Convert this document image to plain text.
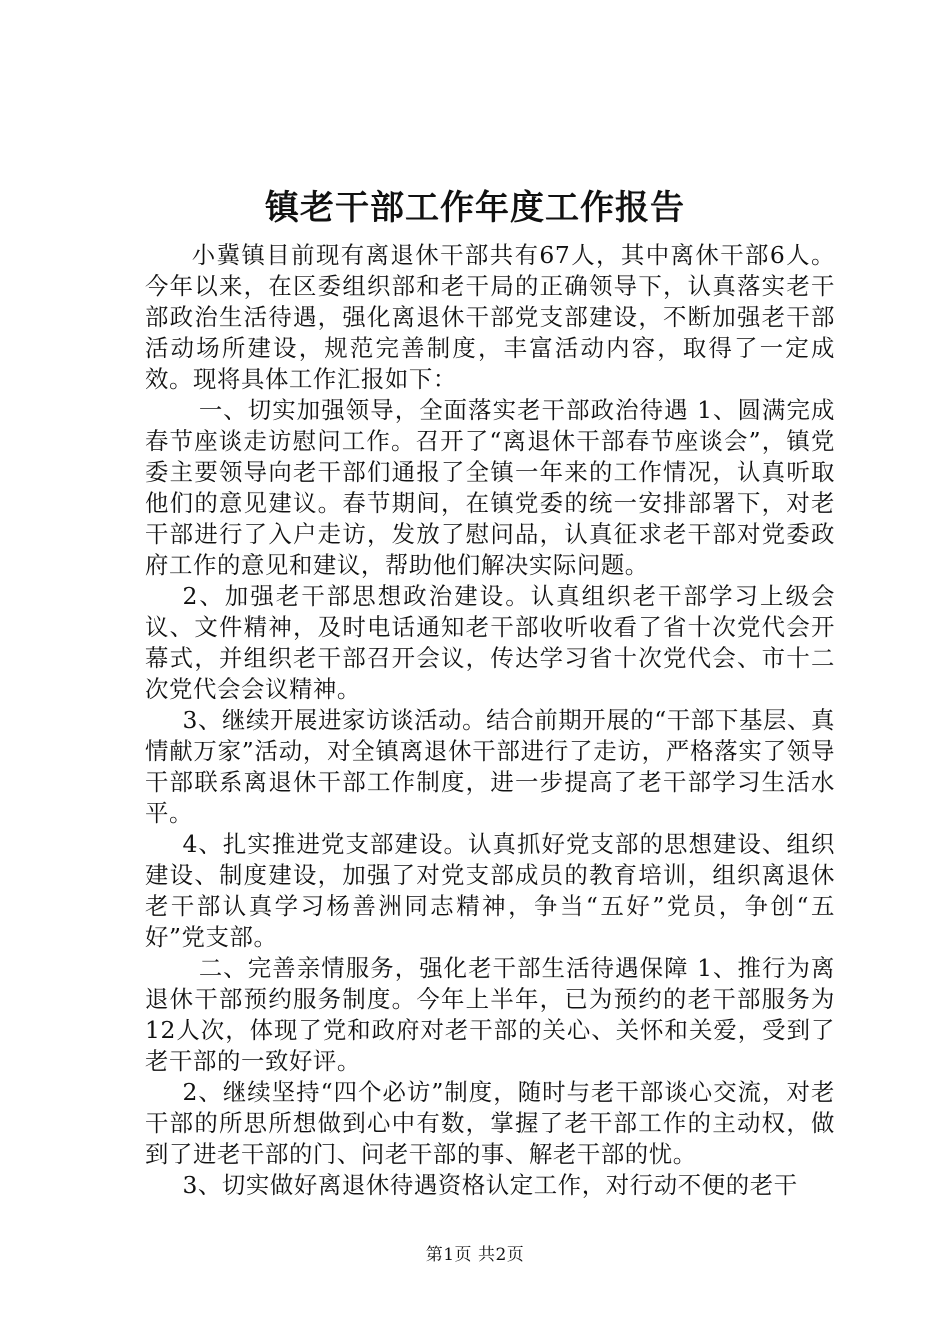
镇老干部工作年度工作报告

小冀镇目前现有离退休干部共有67人，其中离休干部6人。今年以来，在区委组织部和老干局的正确领导下，认真落实老干部政治生活待遇，强化离退休干部党支部建设，不断加强老干部活动场所建设，规范完善制度，丰富活动内容，取得了一定成效。现将具体工作汇报如下：

一、切实加强领导，全面落实老干部政治待遇 1、圆满完成春节座谈走访慰问工作。召开了“离退休干部春节座谈会”，镇党委主要领导向老干部们通报了全镇一年来的工作情况，认真听取他们的意见建议。春节期间，在镇党委的统一安排部署下，对老干部进行了入户走访，发放了慰问品，认真征求老干部对党委政府工作的意见和建议，帮助他们解决实际问题。

2、加强老干部思想政治建设。认真组织老干部学习上级会议、文件精神，及时电话通知老干部收听收看了省十次党代会开幕式，并组织老干部召开会议，传达学习省十次党代会、市十二次党代会会议精神。

3、继续开展进家访谈活动。结合前期开展的“干部下基层、真情献万家”活动，对全镇离退休干部进行了走访，严格落实了领导干部联系离退休干部工作制度，进一步提高了老干部学习生活水平。

4、扎实推进党支部建设。认真抓好党支部的思想建设、组织建设、制度建设，加强了对党支部成员的教育培训，组织离退休老干部认真学习杨善洲同志精神，争当“五好”党员，争创“五好”党支部。

二、完善亲情服务，强化老干部生活待遇保障 1、推行为离退休干部预约服务制度。今年上半年，已为预约的老干部服务为12人次，体现了党和政府对老干部的关心、关怀和关爱，受到了老干部的一致好评。

2、继续坚持“四个必访”制度，随时与老干部谈心交流，对老干部的所思所想做到心中有数，掌握了老干部工作的主动权，做到了进老干部的门、问老干部的事、解老干部的忧。

3、切实做好离退休待遇资格认定工作，对行动不便的老干

第1页 共2页
